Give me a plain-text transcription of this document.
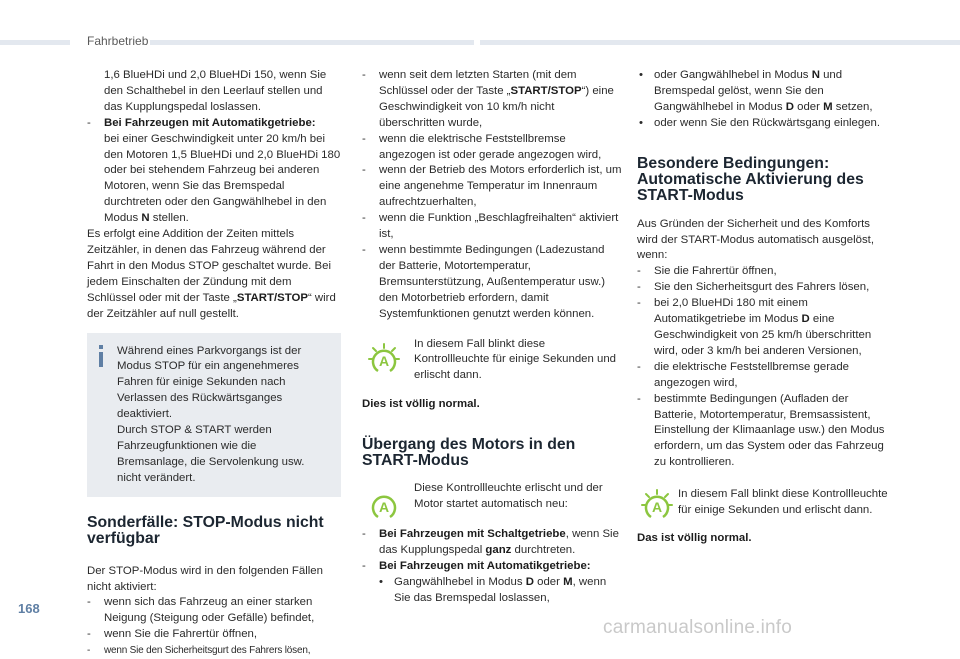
Fahrbetrieb

1,6 BlueHDi und 2,0 BlueHDi 150, wenn Sie den Schalthebel in den Leerlauf stellen und das Kupplungspedal loslassen.

- Bei Fahrzeugen mit Automatikgetriebe:
bei einer Geschwindigkeit unter 20 km/h bei den Motoren 1,5 BlueHDi und 2,0 BlueHDi 180 oder bei stehendem Fahrzeug bei anderen Motoren, wenn Sie das Bremspedal durchtreten oder den Gangwählhebel in den Modus N stellen.

Es erfolgt eine Addition der Zeiten mittels Zeitzähler, in denen das Fahrzeug während der Fahrt in den Modus STOP geschaltet wurde. Bei jedem Einschalten der Zündung mit dem Schlüssel oder mit der Taste „START/STOP“ wird der Zeitzähler auf null gestellt.

Während eines Parkvorgangs ist der Modus STOP für ein angenehmeres Fahren für einige Sekunden nach Verlassen des Rückwärtsganges deaktiviert.

Durch STOP & START werden Fahrzeugfunktionen wie die Bremsanlage, die Servolenkung usw. nicht verändert.

Sonderfälle: STOP-Modus nicht verfügbar

Der STOP-Modus wird in den folgenden Fällen nicht aktiviert:

- wenn sich das Fahrzeug an einer starken Neigung (Steigung oder Gefälle) befindet,
- wenn Sie die Fahrertür öffnen,
- wenn Sie den Sicherheitsgurt des Fahrers lösen,
- wenn seit dem letzten Starten (mit dem Schlüssel oder der Taste „START/STOP“) eine Geschwindigkeit von 10 km/h nicht überschritten wurde,
- wenn die elektrische Feststellbremse angezogen ist oder gerade angezogen wird,
- wenn der Betrieb des Motors erforderlich ist, um eine angenehme Temperatur im Innenraum aufrechtzuerhalten,
- wenn die Funktion „Beschlagfreihalten“ aktiviert ist,
- wenn bestimmte Bedingungen (Ladezustand der Batterie, Motortemperatur, Bremsunterstützung, Außentemperatur usw.) den Motorbetrieb erfordern, damit Systemfunktionen genutzt werden können.
A

In diesem Fall blinkt diese Kontrollleuchte für einige Sekunden und erlischt dann.

Dies ist völlig normal.

Übergang des Motors in den START-Modus
A

Diese Kontrollleuchte erlischt und der Motor startet automatisch neu:

- Bei Fahrzeugen mit Schaltgetriebe, wenn Sie das Kupplungspedal ganz durchtreten.
- Bei Fahrzeugen mit Automatikgetriebe:
• Gangwählhebel in Modus D oder M, wenn Sie das Bremspedal loslassen,
• oder Gangwählhebel in Modus N und Bremspedal gelöst, wenn Sie den Gangwählhebel in Modus D oder M setzen,
• oder wenn Sie den Rückwärtsgang einlegen.
Besondere Bedingungen: Automatische Aktivierung des START-Modus

Aus Gründen der Sicherheit und des Komforts wird der START-Modus automatisch ausgelöst, wenn:

- Sie die Fahrertür öffnen,
- Sie den Sicherheitsgurt des Fahrers lösen,
- bei 2,0 BlueHDi 180 mit einem Automatikgetriebe im Modus D eine Geschwindigkeit von 25 km/h überschritten wird, oder 3 km/h bei anderen Versionen,
- die elektrische Feststellbremse gerade angezogen wird,
- bestimmte Bedingungen (Aufladen der Batterie, Motortemperatur, Bremsassistent, Einstellung der Klimaanlage usw.) den Modus erfordern, um das System oder das Fahrzeug zu kontrollieren.
A

In diesem Fall blinkt diese Kontrollleuchte für einige Sekunden und erlischt dann.

Das ist völlig normal.

168
carmanualsonline.info
